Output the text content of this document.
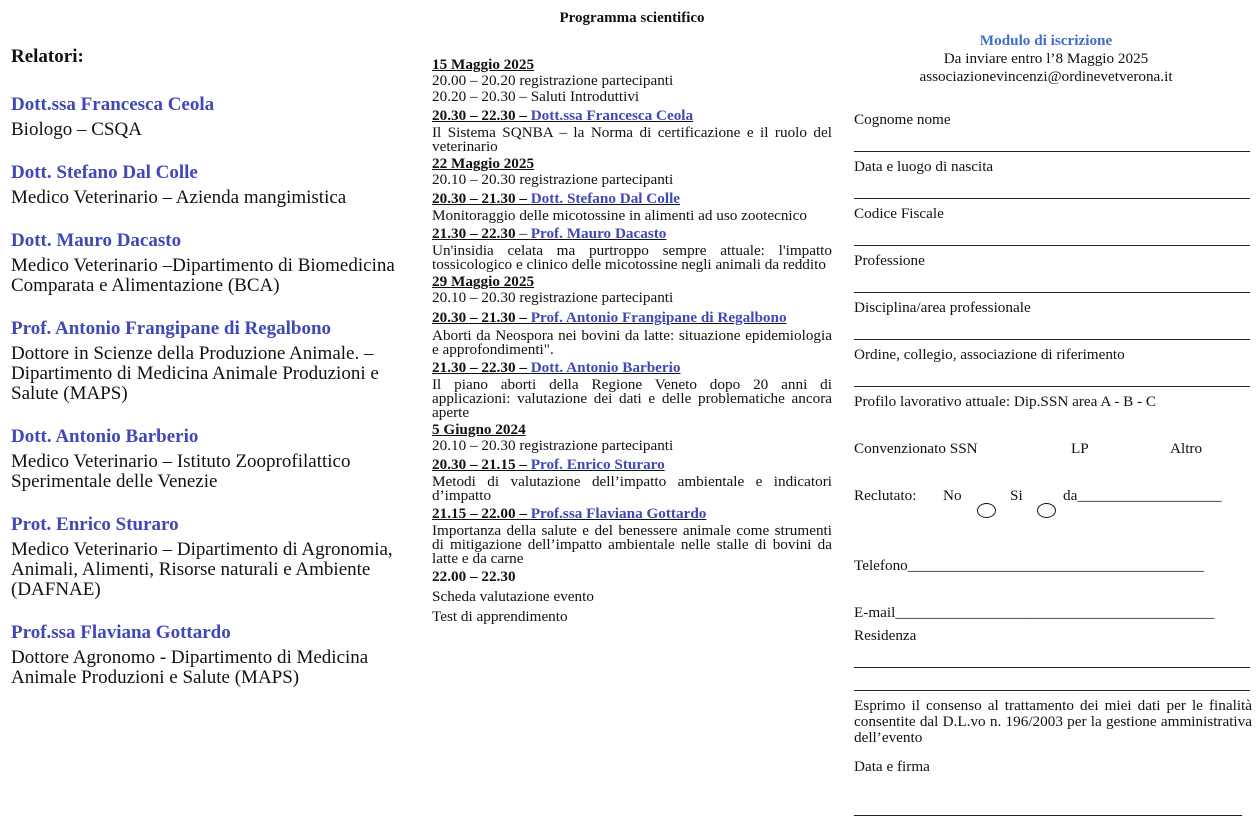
Programma scientifico
Relatori:
Dott.ssa Francesca Ceola
Biologo – CSQA
Dott. Stefano Dal Colle
Medico Veterinario – Azienda mangimistica
Dott. Mauro Dacasto
Medico Veterinario –Dipartimento di Biomedicina Comparata e Alimentazione (BCA)
Prof. Antonio Frangipane di Regalbono
Dottore in Scienze della Produzione Animale. – Dipartimento di Medicina Animale Produzioni e Salute (MAPS)
Dott. Antonio Barberio
Medico Veterinario – Istituto Zooprofilattico Sperimentale delle Venezie
Prot. Enrico Sturaro
Medico Veterinario – Dipartimento di Agronomia, Animali, Alimenti, Risorse naturali e Ambiente (DAFNAE)
Prof.ssa Flaviana Gottardo
Dottore Agronomo - Dipartimento di Medicina Animale Produzioni e Salute (MAPS)
15 Maggio 2025
20.00 – 20.20 registrazione partecipanti
20.20 – 20.30 – Saluti Introduttivi
20.30 – 22.30 – Dott.ssa Francesca Ceola
Il Sistema SQNBA – la Norma di certificazione e il ruolo del veterinario
22 Maggio 2025
20.10 – 20.30 registrazione partecipanti
20.30 – 21.30 – Dott. Stefano Dal Colle
Monitoraggio delle micotossine in alimenti ad uso zootecnico
21.30 – 22.30 – Prof. Mauro Dacasto
Un'insidia celata ma purtroppo sempre attuale: l'impatto tossicologico e clinico delle micotossine negli animali da reddito
29 Maggio 2025
20.10 – 20.30 registrazione partecipanti
20.30 – 21.30 – Prof. Antonio Frangipane di Regalbono
Aborti da Neospora nei bovini da latte: situazione epidemiologia e approfondimenti".
21.30 – 22.30 – Dott. Antonio Barberio
Il piano aborti della Regione Veneto dopo 20 anni di applicazioni: valutazione dei dati e delle problematiche ancora aperte
5 Giugno 2024
20.10 – 20.30 registrazione partecipanti
20.30 – 21.15 – Prof. Enrico Sturaro
Metodi di valutazione dell’impatto ambientale e indicatori d’impatto
21.15 – 22.00 – Prof.ssa Flaviana Gottardo
Importanza della salute e del benessere animale come strumenti di mitigazione dell’impatto ambientale nelle stalle di bovini da latte e da carne
22.00 – 22.30
Scheda valutazione evento
Test di apprendimento
Modulo di iscrizione
Da inviare entro l’8 Maggio 2025
associazionevincenzi@ordinevetverona.it
Cognome nome
Data e luogo di nascita
Codice Fiscale
Professione
Disciplina/area professionale
Ordine, collegio, associazione di riferimento
Profilo lavorativo attuale: Dip.SSN area A - B - C
Convenzionato SSN	LP	Altro
Reclutato: No	Si	da___________________
Telefono_______________________________________
E-mail__________________________________________
Residenza
Esprimo il consenso al trattamento dei miei dati per le finalità consentite dal D.L.vo n. 196/2003 per la gestione amministrativa dell’evento
Data e firma
